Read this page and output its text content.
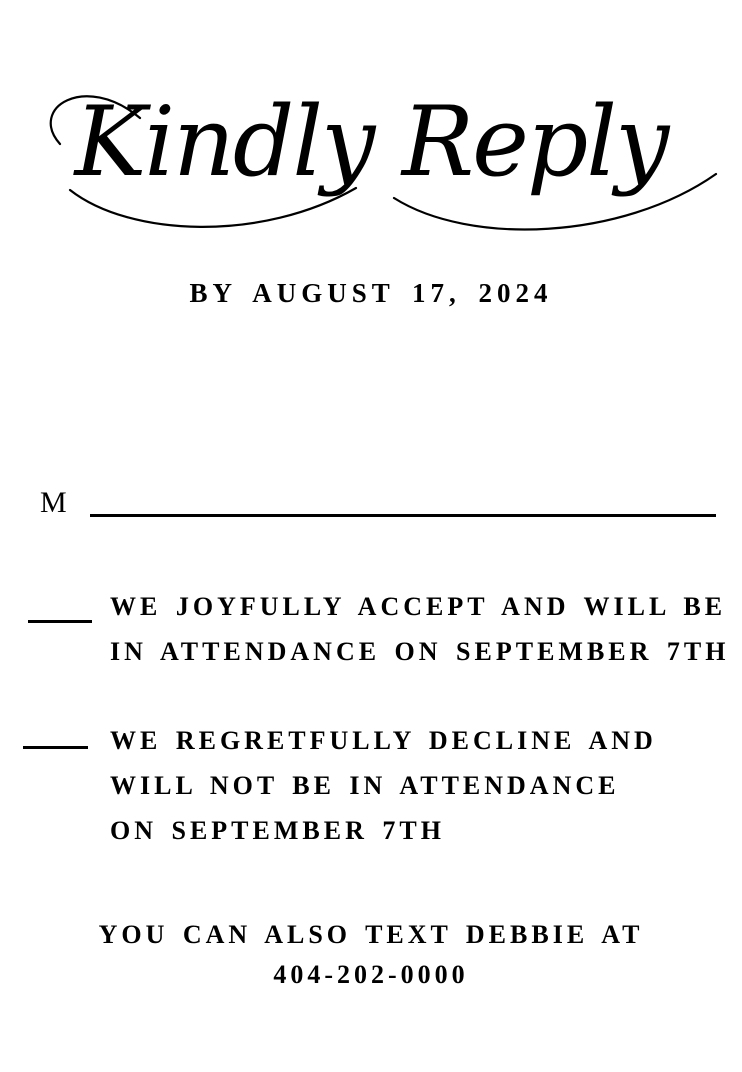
Kindly Reply
BY AUGUST 17, 2024
M
WE JOYFULLY ACCEPT AND WILL BE
IN ATTENDANCE ON SEPTEMBER 7TH
WE REGRETFULLY DECLINE AND
WILL NOT BE IN ATTENDANCE
ON SEPTEMBER 7TH
YOU CAN ALSO TEXT DEBBIE AT
404-202-0000
